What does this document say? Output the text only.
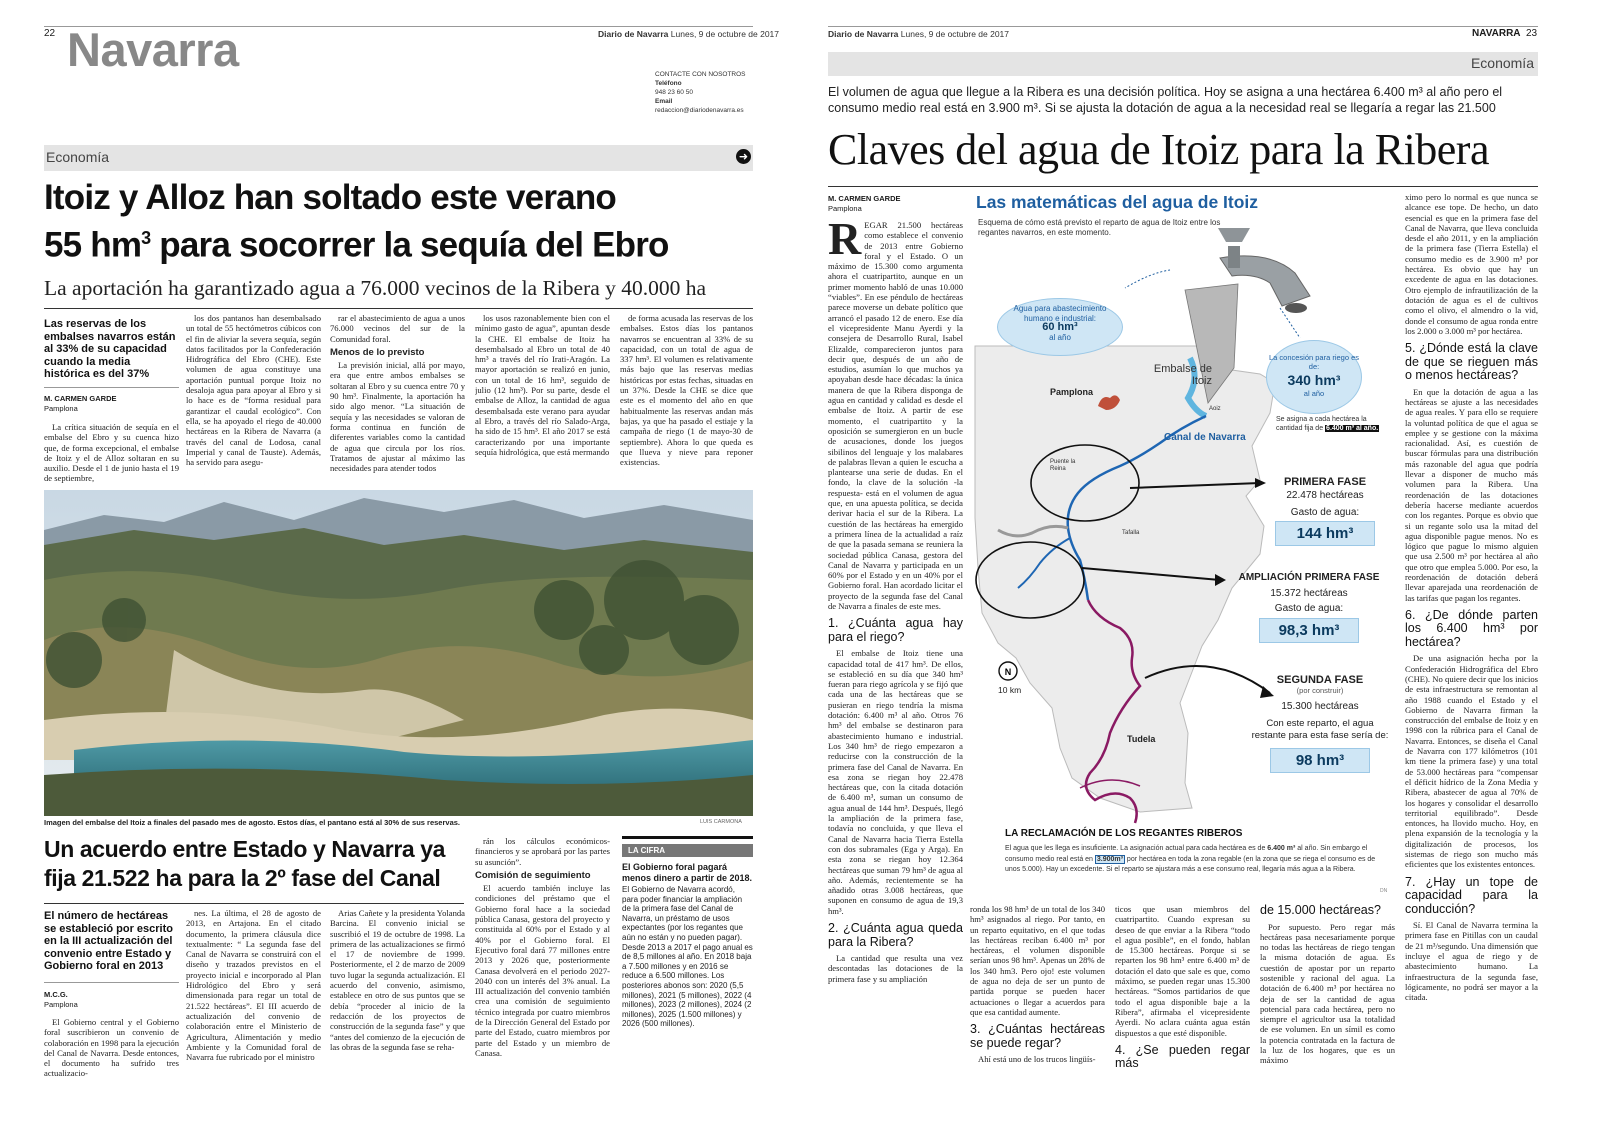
22 Navarra	Diario de Navarra Lunes, 9 de octubre de 2017
CONTACTE CON NOSOTROS
Teléfono
948 23 60 50
Email
redaccion@diariodenavarra.es
Economía	➜
Itoiz y Alloz han soltado este verano
55 $hm^3$ para socorrer la sequía del Ebro
La aportación ha garantizado agua a 76.000 vecinos de la Ribera y 40.000 ha
Las reservas de los embalses navarros están al 33% de su capacidad cuando la media histórica es del 37%
M. CARMEN GARDE
Pamplona

La crítica situación de sequía en el embalse del Ebro y su cuenca hizo que, de forma excepcional, el embalse de Itoiz y el de Alloz soltaran en su auxilio. Desde el 1 de junio hasta el 19 de septiembre,

los dos pantanos han desembalsado un total de 55 hectómetros cúbicos con el fin de aliviar la severa sequía, según datos facilitados por la Confederación Hidrográfica del Ebro (CHE). Este volumen de agua constituye una aportación puntual porque Itoiz no desaloja agua para apoyar al Ebro y si lo hace es de “forma residual para garantizar el caudal ecológico”. Con ella, se ha apoyado el riego de 40.000 hectáreas en la Ribera de Navarra (a través del canal de Lodosa, canal Imperial y canal de Tauste). Además, ha servido para asegu-

rar el abastecimiento de agua a unos 76.000 vecinos del sur de la Comunidad foral.

Menos de lo previsto

La previsión inicial, allá por mayo, era que entre ambos embalses se soltaran al Ebro y su cuenca entre 70 y 90 hm³. Finalmente, la aportación ha sido algo menor. “La situación de sequía y las necesidades se valoran de forma continua en función de diferentes variables como la cantidad de agua que circula por los ríos. Tratamos de ajustar al máximo las necesidades para atender todos

los usos razonablemente bien con el mínimo gasto de agua”, apuntan desde la CHE. El embalse de Itoiz ha desembalsado al Ebro un total de 40 hm³ a través del río Irati-Aragón. La mayor aportación se realizó en junio, con un total de 16 hm³, seguido de julio (12 hm³). Por su parte, desde el embalse de Alloz, la cantidad de agua desembalsada este verano para ayudar al Ebro, a través del río Salado-Arga, ha sido de 15 hm³. El año 2017 se está caracterizando por una importante sequía hidrológica, que está mermando

de forma acusada las reservas de los embalses. Estos días los pantanos navarros se encuentran al 33% de su capacidad, con un total de agua de 337 hm³. El volumen es relativamente más bajo que las reservas medias históricas por estas fechas, situadas en un 37%. Desde la CHE se dice que este es el momento del año en que habitualmente las reservas andan más bajas, ya que ha pasado el estiaje y la campaña de riego (1 de mayo-30 de septiembre). Ahora lo que queda es que llueva y nieve para reponer existencias.

Imagen del embalse del Itoiz a finales del pasado mes de agosto. Estos días, el pantano está al 30% de sus reservas.	LUIS CARMONA
Un acuerdo entre Estado y Navarra ya
fija 21.522 ha para la 2º fase del Canal
El número de hectáreas se estableció por escrito en la III actualización del convenio entre Estado y Gobierno foral en 2013
M.C.G.
Pamplona

El Gobierno central y el Gobierno foral suscribieron un convenio de colaboración en 1998 para la ejecución del Canal de Navarra. Desde entonces, el documento ha sufrido tres actualizacio-

nes. La última, el 28 de agosto de 2013, en Artajona. En el citado documento, la primera cláusula dice textualmente: “ La segunda fase del Canal de Navarra se construirá con el diseño y trazados previstos en el proyecto inicial e incorporado al Plan Hidrológico del Ebro y será dimensionada para regar un total de 21.522 hectáreas”. El III acuerdo de actualización del convenio de colaboración entre el Ministerio de Agricultura, Alimentación y medio Ambiente y la Comunidad foral de Navarra fue rubricado por el ministro

Arias Cañete y la presidenta Yolanda Barcina. El convenio inicial se suscribió el 19 de octubre de 1998. La primera de las actualizaciones se firmó el 17 de noviembre de 1999. Posteriormente, el 2 de marzo de 2009 tuvo lugar la segunda actualización. El acuerdo del convenio, asimismo, establece en otro de sus puntos que se debía “proceder al inicio de la redacción de los proyectos de construcción de la segunda fase” y que “antes del comienzo de la ejecución de las obras de la segunda fase se reha-

rán los cálculos económicos-financieros y se aprobará por las partes su asunción”.

Comisión de seguimiento

El acuerdo también incluye las condiciones del préstamo que el Gobierno foral hace a la sociedad pública Canasa, gestora del proyecto y constituida al 60% por el Estado y al 40% por el Gobierno foral. El Ejecutivo foral dará 77 millones entre 2013 y 2026 que, posteriormente Canasa devolverá en el periodo 2027-2040 con un interés del 3% anual. La III actualización del convenio también crea una comisión de seguimiento técnico integrada por cuatro miembros de la Dirección General del Estado por parte del Estado, cuatro miembros por parte del Estado y un miembro de Canasa.

LA CIFRA
El Gobierno foral pagará menos dinero a partir de 2018.
El Gobierno de Navarra acordó, para poder financiar la ampliación de la primera fase del Canal de Navarra, un préstamo de usos expectantes (por los regantes que aún no están y no pueden pagar). Desde 2013 a 2017 el pago anual es de 8,5 millones al año. En 2018 baja a 7.500 millones y en 2016 se reduce a 6.500 millones. Los posteriores abonos son: 2020 (5,5 millones), 2021 (5 millones), 2022 (4 millones), 2023 (2 millones), 2024 (2 millones), 2025 (1.500 millones) y 2026 (500 millones).
Diario de Navarra Lunes, 9 de octubre de 2017	NAVARRA 23
Economía
El volumen de agua que llegue a la Ribera es una decisión política. Hoy se asigna a una hectárea 6.400 m³ al año pero el consumo medio real está en 3.900 m³. Si se ajusta la dotación de agua a la necesidad real se llegaría a regar las 21.500
Claves del agua de Itoiz para la Ribera
M. CARMEN GARDE
Pamplona
R EGAR 21.500 hectáreas como establece el convenio de 2013 entre Gobierno foral y el Estado. O un máximo de 15.300 como argumenta ahora el cuatripartito, aunque en un primer momento habló de unas 10.000 “viables”. En ese péndulo de hectáreas parece moverse un debate político que arrancó el pasado 12 de enero. Ese día el vicepresidente Manu Ayerdi y la consejera de Desarrollo Rural, Isabel Elizalde, comparecieron juntos para decir que, después de un año de estudios, asumían lo que muchos ya apoyaban desde hace décadas: la única manera de que la Ribera disponga de agua en cantidad y calidad es desde el embalse de Itoiz. A partir de ese momento, el cuatripartito y la oposición se sumergieron en un bucle de acusaciones, donde los juegos sibilinos del lenguaje y los malabares de palabras llevan a quien le escucha a plantearse una serie de dudas. En el fondo, la clave de la solución -la respuesta- está en el volumen de agua que, en una apuesta política, se decida derivar hacia el sur de la Ribera. La cuestión de las hectáreas ha emergido a primera línea de la actualidad a raíz de que la pasada semana se reuniera la sociedad pública Canasa, gestora del Canal de Navarra y participada en un 60% por el Estado y en un 40% por el Gobierno foral. Han acordado licitar el proyecto de la segunda fase del Canal de Navarra a finales de este mes.

1. ¿Cuánta agua hay para el riego?

El embalse de Itoiz tiene una capacidad total de 417 hm³. De ellos, se estableció en su día que 340 hm³ fueran para riego agrícola y se fijó que cada una de las hectáreas que se pusieran en riego tendría la misma dotación: 6.400 m³ al año. Otros 76 hm³ del embalse se destinaron para abastecimiento humano e industrial. Los 340 hm³ de riego empezaron a reducirse con la construcción de la primera fase del Canal de Navarra. En esa zona se riegan hoy 22.478 hectáreas que, con la citada dotación de 6.400 m³, suman un consumo de agua anual de 144 hm³. Después, llegó la ampliación de la primera fase, todavía no concluida, y que lleva el Canal de Navarra hacia Tierra Estella con dos subramales (Ega y Arga). En esta zona se riegan hoy 12.364 hectáreas que suman 79 hm³ de agua al año. Además, recientemente se ha añadido otras 3.008 hectáreas, que suponen en consumo de agua de 19,3 hm³.

2. ¿Cuánta agua queda para la Ribera?

La cantidad que resulta una vez descontadas las dotaciones de la primera fase y su ampliación

Las matemáticas del agua de Itoiz
Esquema de cómo está previsto el reparto de agua de Itoiz entre los regantes navarros, en este momento.
N
Agua para abastecimiento humano e industrial:
60 hm³
al año
La concesión para riego es de:
340 hm³
al año
Se asigna a cada hectárea la cantidad fija de 6.400 m³ al año.
Embalse de Itoiz
Aoiz
Pamplona
Canal de Navarra
Puente la Reina
Tafalla
Tudela
10 km
PRIMERA FASE
22.478 hectáreas
Gasto de agua:
144 hm³
AMPLIACIÓN PRIMERA FASE
15.372 hectáreas
Gasto de agua:
98,3 hm³
SEGUNDA FASE
(por construir)
15.300 hectáreas
Con este reparto, el agua restante para esta fase sería de:
98 hm³
LA RECLAMACIÓN DE LOS REGANTES RIBEROS
El agua que les llega es insuficiente. La asignación actual para cada hectárea es de 6.400 m³ al año. Sin embargo el consumo medio real está en 3.900m³ por hectárea en toda la zona regable (en la zona que se riega el consumo es de unos 5.000). Hay un excedente. Si el reparto se ajustara más a ese consumo real, llegaría más agua a la Ribera.
DN

ronda los 98 hm³ de un total de los 340 hm³ asignados al riego. Por tanto, en un reparto equitativo, en el que todas las hectáreas reciban 6.400 m³ por hectáreas, el volumen disponible serían unos 98 hm³. Apenas un 28% de los 340 hm3. Pero ojo! este volumen de agua no deja de ser un punto de partida porque se pueden hacer actuaciones o llegar a acuerdos para que esa cantidad aumente.

3. ¿Cuántas hectáreas se puede regar?

Ahí está uno de los trucos lingüís-

ticos que usan miembros del cuatripartito. Cuando expresan su deseo de que enviar a la Ribera “todo el agua posible”, en el fondo, hablan de 15.300 hectáreas. Porque si se reparten los 98 hm³ entre 6.400 m³ de dotación el dato que sale es que, como máximo, se pueden regar unas 15.300 hectáreas. “Somos partidarios de que todo el agua disponible baje a la Ribera”, afirmaba el vicepresidente Ayerdi. No aclara cuánta agua están dispuestos a que esté disponible.

4. ¿Se pueden regar más
de 15.000 hectáreas?

Por supuesto. Pero regar más hectáreas pasa necesariamente porque no todas las hectáreas de riego tengan la misma dotación de agua. Es cuestión de apostar por un reparto sostenible y racional del agua. La dotación de 6.400 m³ por hectárea no deja de ser la cantidad de agua potencial para cada hectárea, pero no siempre el agricultor usa la totalidad de ese volumen. En un símil es como la potencia contratada en la factura de la luz de los hogares, que es un máximo

ximo pero lo normal es que nunca se alcance ese tope. De hecho, un dato esencial es que en la primera fase del Canal de Navarra, que lleva concluida desde el año 2011, y en la ampliación de la primera fase (Tierra Estella) el consumo medio es de 3.900 m³ por hectárea. Es obvio que hay un excedente de agua en las dotaciones. Otro ejemplo de infrautilización de la dotación de agua es el de cultivos como el olivo, el almendro o la vid, donde el consumo de agua ronda entre los 2.000 o 3.000 m³ por hectárea.

5. ¿Dónde está la clave de que se rieguen más o menos hectáreas?

En que la dotación de agua a las hectáreas se ajuste a las necesidades de agua reales. Y para ello se requiere la voluntad política de que el agua se emplee y se gestione con la máxima racionalidad. Así, es cuestión de buscar fórmulas para una distribución más razonable del agua que podría llevar a disponer de mucho más volumen para la Ribera. Una reordenación de las dotaciones debería hacerse mediante acuerdos con los regantes. Porque es obvio que si un regante solo usa la mitad del agua disponible pague menos. No es lógico que pague lo mismo alguien que usa 2.500 m³ por hectárea al año que otro que emplea 5.000. Por eso, la reordenación de dotación deberá llevar aparejada una reordenación de las tarifas que pagan los regantes.

6. ¿De dónde parten los 6.400 hm³ por hectárea?

De una asignación hecha por la Confederación Hidrográfica del Ebro (CHE). No quiere decir que los inicios de esta infraestructura se remontan al año 1988 cuando el Estado y el Gobierno de Navarra firman la construcción del embalse de Itoiz y en 1998 con la rúbrica para el Canal de Navarra. Entonces, se diseña el Canal de Navarra con 177 kilómetros (101 km tiene la primera fase) y una total de 53.000 hectáreas para “compensar el déficit hídrico de la Zona Media y Ribera, abastecer de agua al 70% de los hogares y consolidar el desarrollo territorial equilibrado”. Desde entonces, ha llovido mucho. Hoy, en plena expansión de la tecnología y la digitalización de procesos, los sistemas de riego son mucho más eficientes que los existentes entonces.

7. ¿Hay un tope de capacidad para la conducción?

Sí. El Canal de Navarra termina la primera fase en Pitillas con un caudal de 21 m³/segundo. Una dimensión que incluye el agua de riego y de abastecimiento humano. La infraestructura de la segunda fase, lógicamente, no podrá ser mayor a la citada.
